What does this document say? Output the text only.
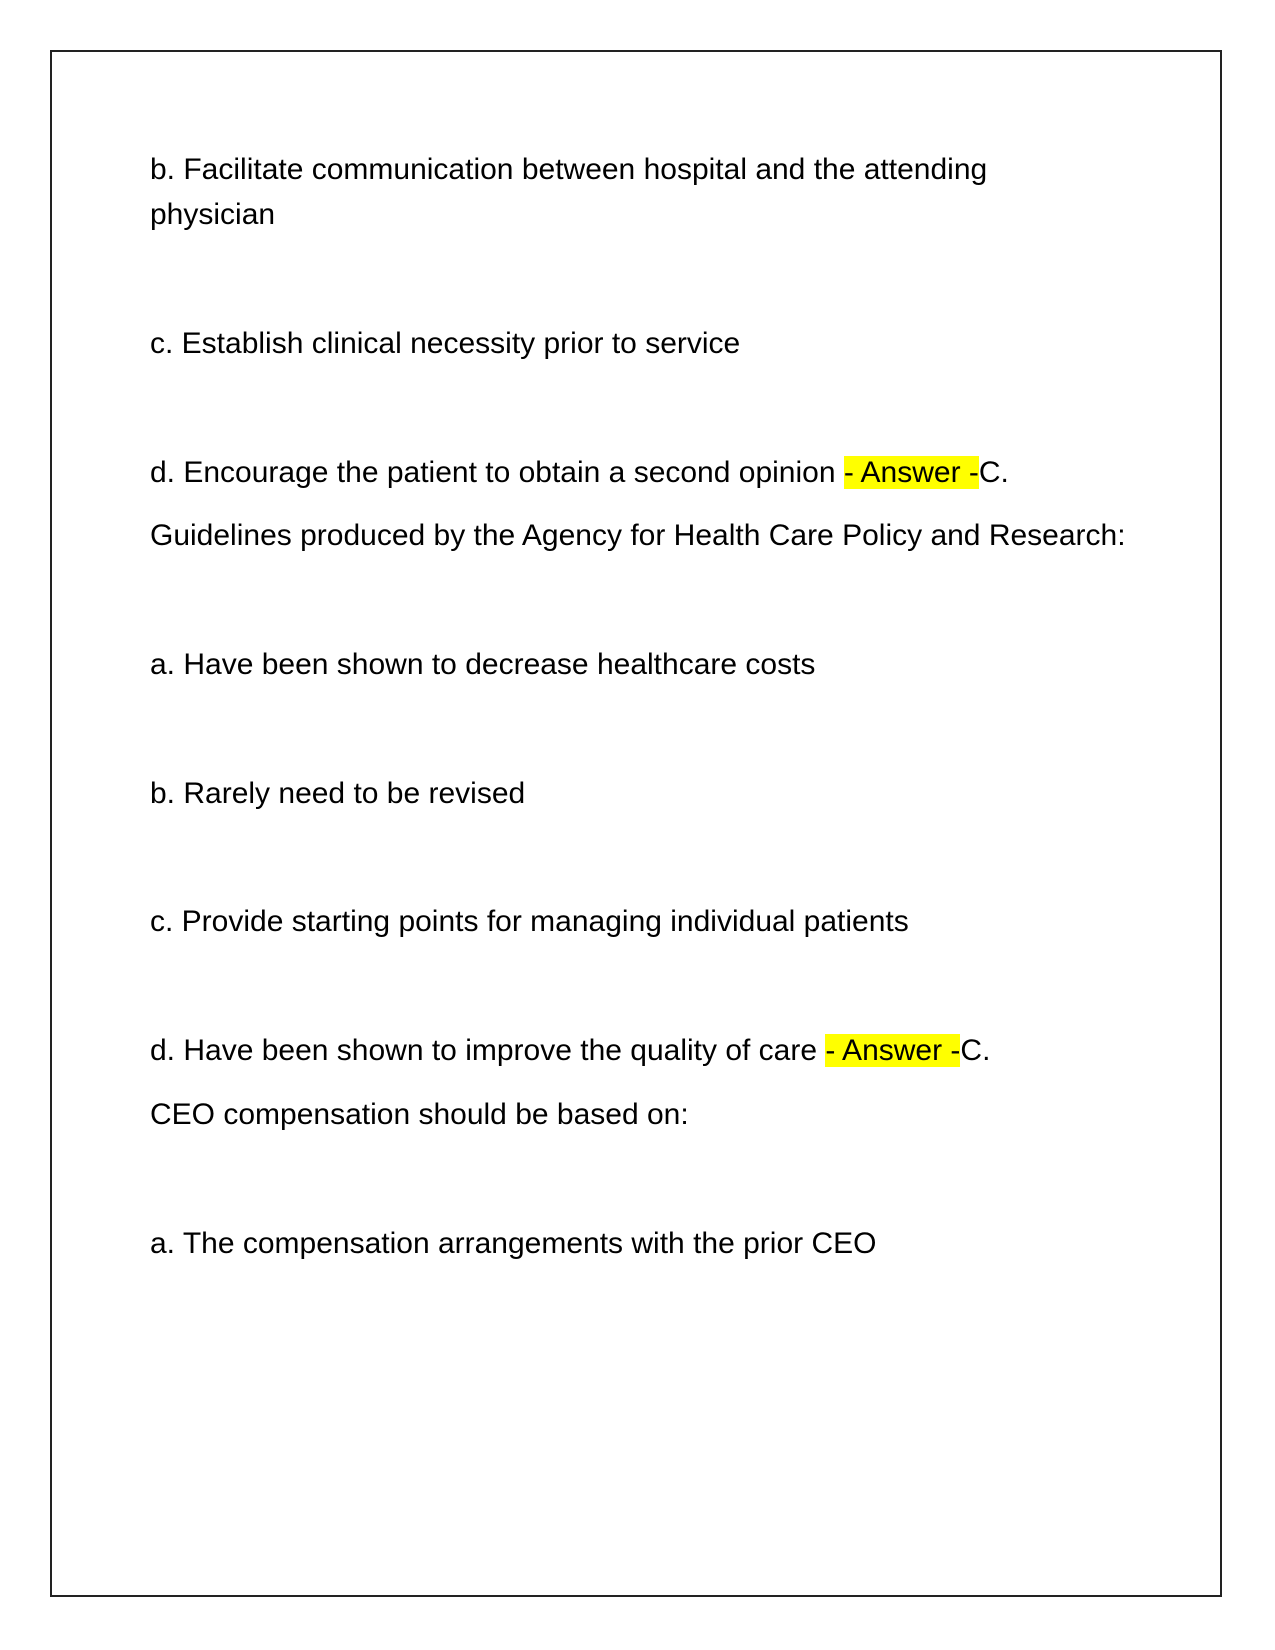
b. Facilitate communication between hospital and the attending

physician

c. Establish clinical necessity prior to service

d. Encourage the patient to obtain a second opinion - Answer -C.

Guidelines produced by the Agency for Health Care Policy and Research:

a. Have been shown to decrease healthcare costs

b. Rarely need to be revised

c. Provide starting points for managing individual patients

d. Have been shown to improve the quality of care - Answer -C.

CEO compensation should be based on:

a. The compensation arrangements with the prior CEO
